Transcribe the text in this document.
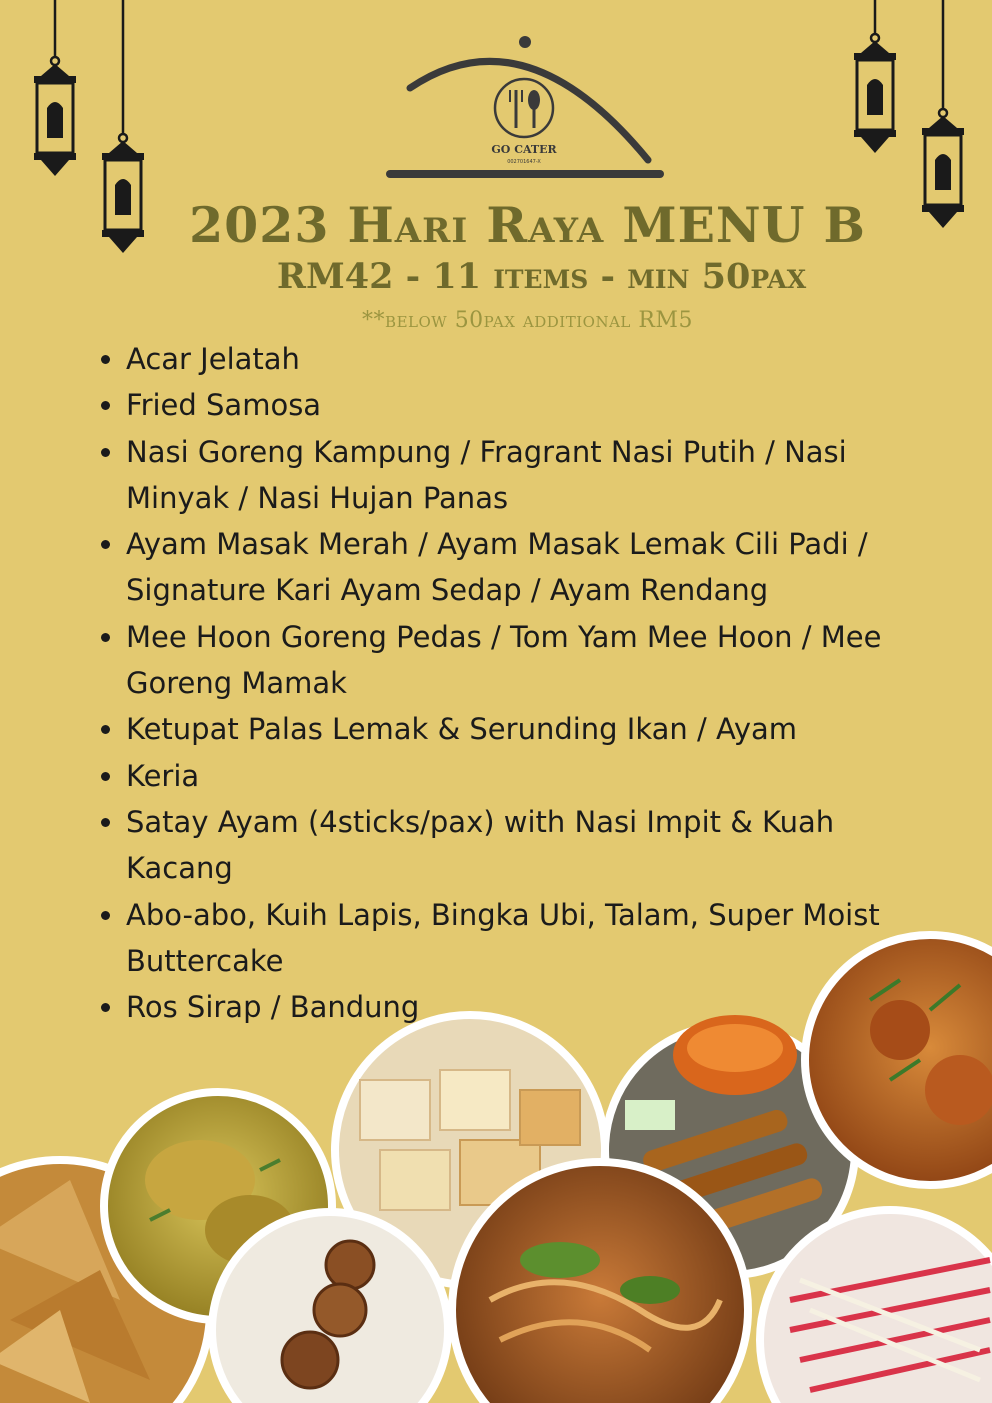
GO CATER
002701647-X
2023 Hari Raya MENU B
RM42 - 11 items - min 50pax
**below 50pax additional RM5
Acar Jelatah
Fried Samosa
Nasi Goreng Kampung / Fragrant Nasi Putih / Nasi Minyak / Nasi Hujan Panas
Ayam Masak Merah / Ayam Masak Lemak Cili Padi / Signature Kari Ayam Sedap / Ayam Rendang
Mee Hoon Goreng Pedas / Tom Yam Mee Hoon / Mee Goreng Mamak
Ketupat Palas Lemak & Serunding Ikan / Ayam
Keria
Satay Ayam (4sticks/pax) with Nasi Impit & Kuah Kacang
Abo-abo, Kuih Lapis, Bingka Ubi, Talam, Super Moist Buttercake
Ros Sirap / Bandung
